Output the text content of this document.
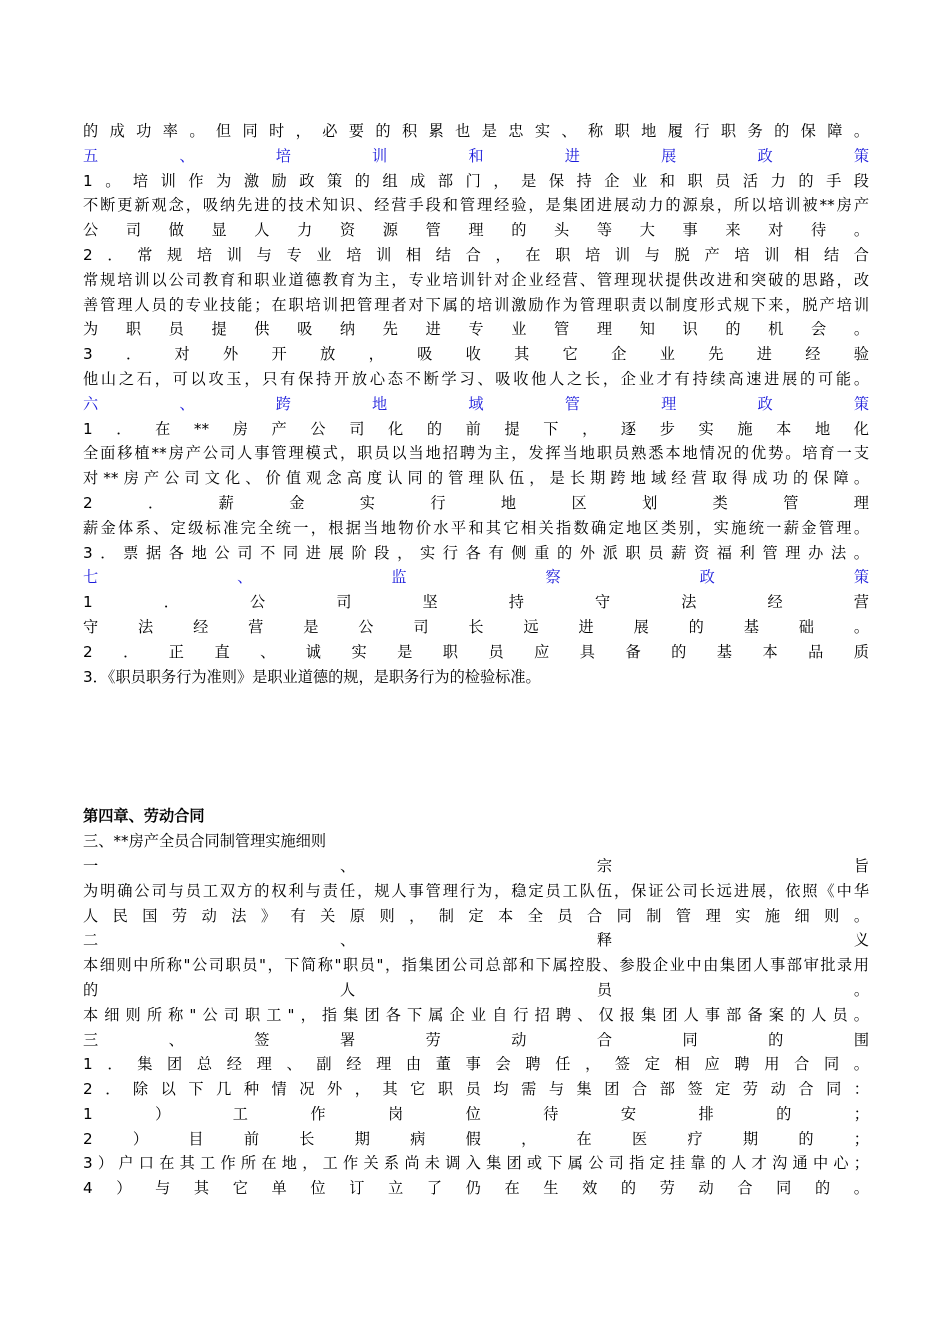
的成功率。但同时，必要的积累也是忠实、称职地履行职务的保障。
五、培训和进展政策
1。培训作为激励政策的组成部门，是保持企业和职员活力的手段
不断更新观念，吸纳先进的技术知识、经营手段和管理经验，是集团进展动力的源泉，所以培训被**房产
公司做显人力资源管理的头等大事来对待。
2．常规培训与专业培训相结合，在职培训与脱产培训相结合
常规培训以公司教育和职业道德教育为主，专业培训针对企业经营、管理现状提供改进和突破的思路，改
善管理人员的专业技能；在职培训把管理者对下属的培训激励作为管理职责以制度形式规下来，脱产培训
为职员提供吸纳先进专业管理知识的机会。
3．对外开放，吸收其它企业先进经验
他山之石，可以攻玉，只有保持开放心态不断学习、吸收他人之长，企业才有持续高速进展的可能。
六、跨地域管理政策
1．在**房产公司化的前提下，逐步实施本地化
全面移植**房产公司人事管理模式，职员以当地招聘为主，发挥当地职员熟悉本地情况的优势。培育一支
对**房产公司文化、价值观念高度认同的管理队伍，是长期跨地域经营取得成功的保障。
2．薪金实行地区划类管理
薪金体系、定级标准完全统一，根据当地物价水平和其它相关指数确定地区类别，实施统一薪金管理。
3．票据各地公司不同进展阶段，实行各有侧重的外派职员薪资福利管理办法。
七、监察政策
1．公司坚持守法经营
守法经营是公司长远进展的基础。
2．正直、诚实是职员应具备的基本品质
3．《职员职务行为准则》是职业道德的规，是职务行为的检验标准。
第四章、劳动合同
三、**房产全员合同制管理实施细则
一、宗旨
为明确公司与员工双方的权利与责任，规人事管理行为，稳定员工队伍，保证公司长远进展，依照《中华
人民国劳动法》有关原则，制定本全员合同制管理实施细则。
二、释义
本细则中所称"公司职员"，下简称"职员"，指集团公司总部和下属控股、参股企业中由集团人事部审批录用
的人员。
本细则所称"公司职工"，指集团各下属企业自行招聘、仅报集团人事部备案的人员。
三、签署劳动合同的围
1．集团总经理、副经理由董事会聘任，签定相应聘用合同。
2．除以下几种情况外，其它职员均需与集团合部签定劳动合同：
1）工作岗位待安排的；
2）目前长期病假，在医疗期的；
3）户口在其工作所在地，工作关系尚未调入集团或下属公司指定挂靠的人才沟通中心；
4）与其它单位订立了仍在生效的劳动合同的。
